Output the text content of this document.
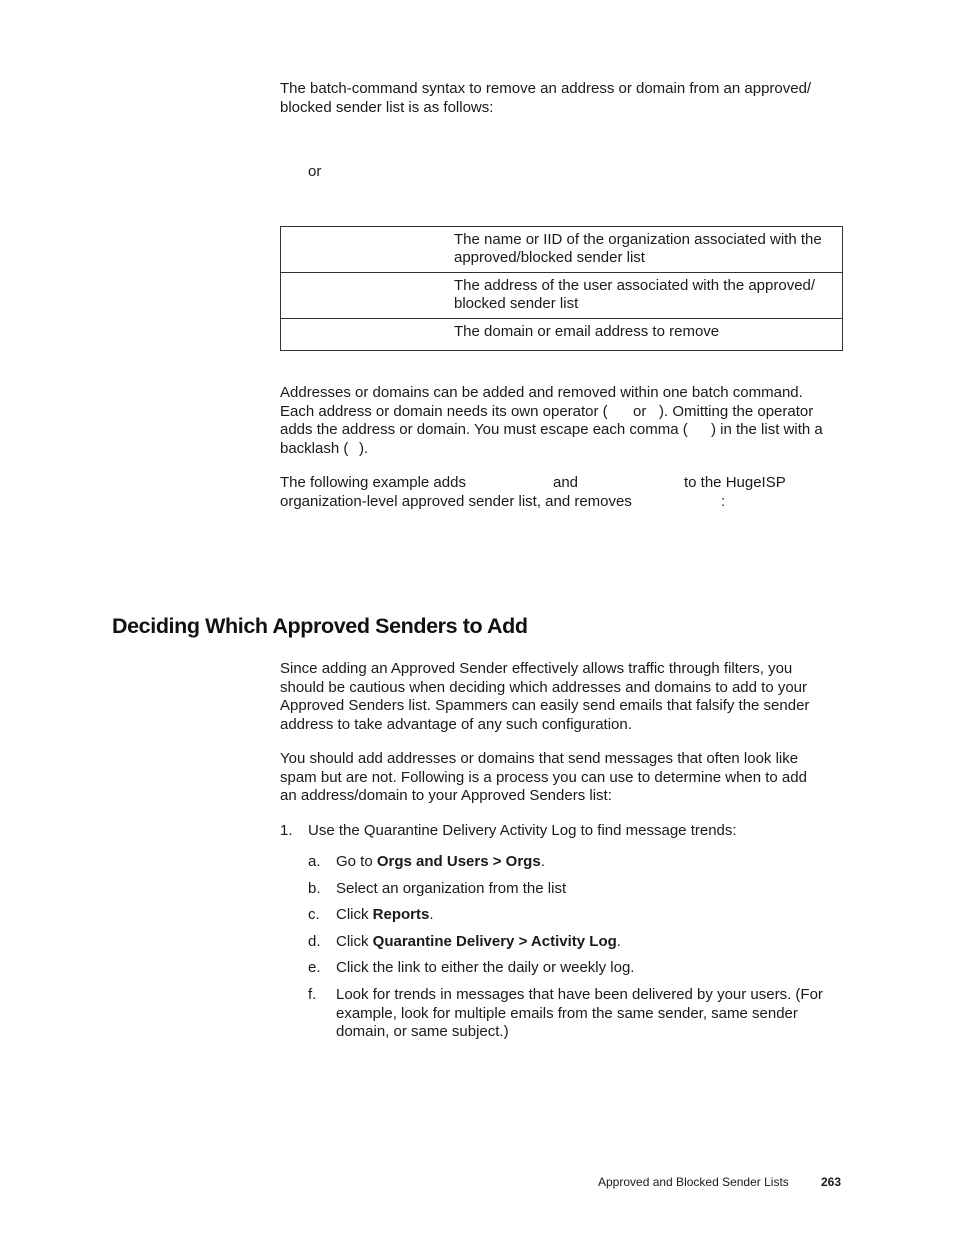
The batch-command syntax to remove an address or domain from an approved/
blocked sender list is as follows:
or

	The name or IID of the organization associated with the
approved/blocked sender list

	The address of the user associated with the approved/
blocked sender list

	The domain or email address to remove
Addresses or domains can be added and removed within one batch command.
Each address or domain needs its own operator ( or ). Omitting the operator
adds the address or domain. You must escape each comma ( ) in the list with a
backlash ( ).
The following example adds	and	to the HugeISP
organization-level approved sender list, and removes	:
Deciding Which Approved Senders to Add
Since adding an Approved Sender effectively allows traffic through filters, you
should be cautious when deciding which addresses and domains to add to your
Approved Senders list. Spammers can easily send emails that falsify the sender
address to take advantage of any such configuration.
You should add addresses or domains that send messages that often look like
spam but are not. Following is a process you can use to determine when to add
an address/domain to your Approved Senders list:
1. Use the Quarantine Delivery Activity Log to find message trends:
a. Go to Orgs and Users > Orgs.
b. Select an organization from the list
c. Click Reports.
d. Click Quarantine Delivery > Activity Log.
e. Click the link to either the daily or weekly log.
f. Look for trends in messages that have been delivered by your users. (For
example, look for multiple emails from the same sender, same sender
domain, or same subject.)
Approved and Blocked Sender Lists	263
